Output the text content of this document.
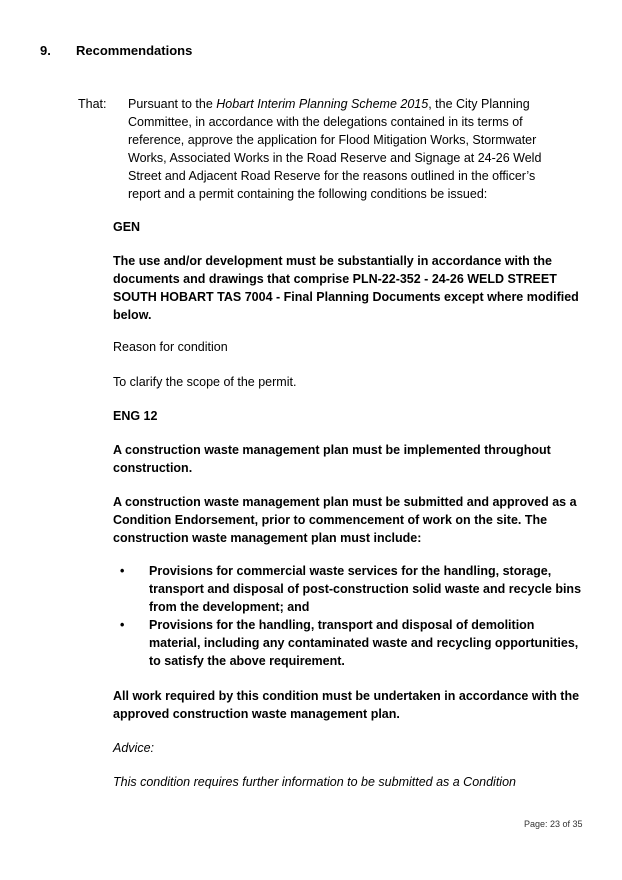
9. Recommendations
That: Pursuant to the Hobart Interim Planning Scheme 2015, the City Planning Committee, in accordance with the delegations contained in its terms of reference, approve the application for Flood Mitigation Works, Stormwater Works, Associated Works in the Road Reserve and Signage at 24-26 Weld Street and Adjacent Road Reserve for the reasons outlined in the officer’s report and a permit containing the following conditions be issued:

GEN

The use and/or development must be substantially in accordance with the documents and drawings that comprise PLN-22-352 - 24-26 WELD STREET SOUTH HOBART TAS 7004 - Final Planning Documents except where modified below.

Reason for condition

To clarify the scope of the permit.

ENG 12

A construction waste management plan must be implemented throughout construction.

A construction waste management plan must be submitted and approved as a Condition Endorsement, prior to commencement of work on the site. The construction waste management plan must include:

• Provisions for commercial waste services for the handling, storage, transport and disposal of post-construction solid waste and recycle bins from the development; and
• Provisions for the handling, transport and disposal of demolition material, including any contaminated waste and recycling opportunities, to satisfy the above requirement.

All work required by this condition must be undertaken in accordance with the approved construction waste management plan.

Advice:

This condition requires further information to be submitted as a Condition

Page: 23 of 35
